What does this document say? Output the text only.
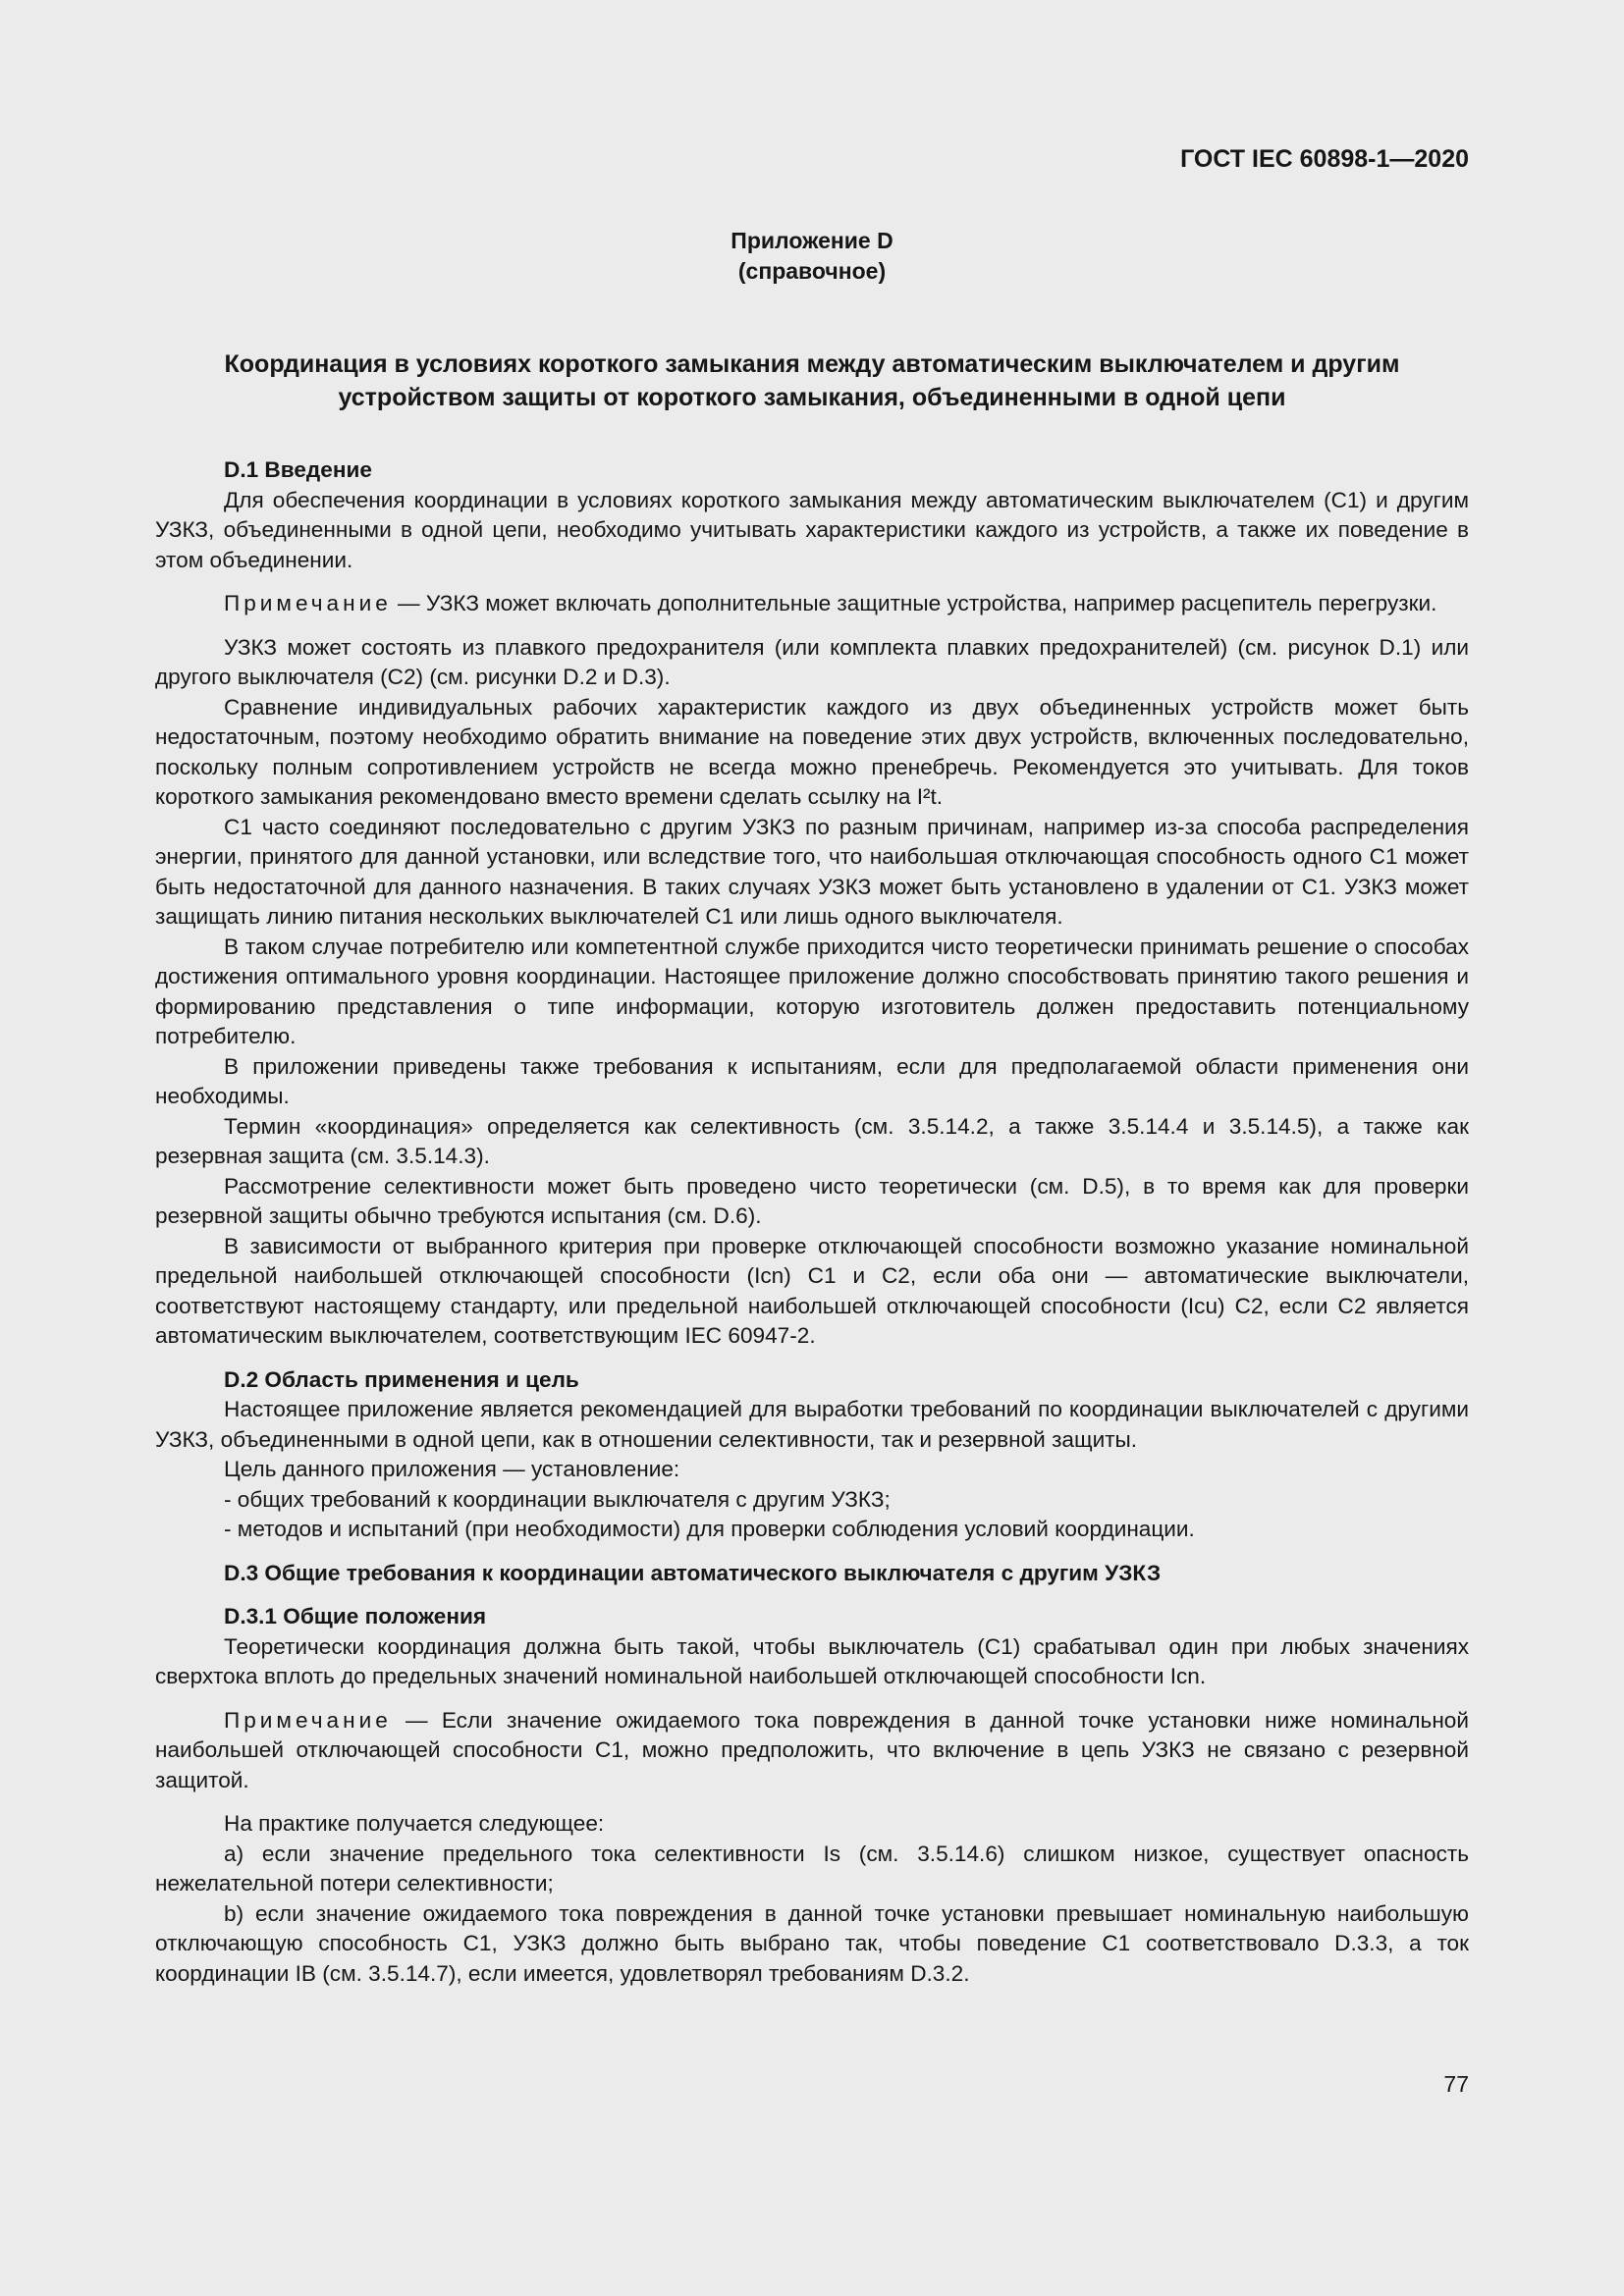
ГОСТ IEC 60898-1—2020
Приложение D
(справочное)
Координация в условиях короткого замыкания между автоматическим выключателем и другим
устройством защиты от короткого замыкания, объединенными в одной цепи

D.1 Введение

Для обеспечения координации в условиях короткого замыкания между автоматическим выключателем (C1) и другим УЗКЗ, объединенными в одной цепи, необходимо учитывать характеристики каждого из устройств, а также их поведение в этом объединении.

Примечание — УЗКЗ может включать дополнительные защитные устройства, например расцепитель перегрузки.

УЗКЗ может состоять из плавкого предохранителя (или комплекта плавких предохранителей) (см. рисунок D.1) или другого выключателя (C2) (см. рисунки D.2 и D.3).

Сравнение индивидуальных рабочих характеристик каждого из двух объединенных устройств может быть недостаточным, поэтому необходимо обратить внимание на поведение этих двух устройств, включенных последовательно, поскольку полным сопротивлением устройств не всегда можно пренебречь. Рекомендуется это учитывать. Для токов короткого замыкания рекомендовано вместо времени сделать ссылку на I²t.

C1 часто соединяют последовательно с другим УЗКЗ по разным причинам, например из-за способа распределения энергии, принятого для данной установки, или вследствие того, что наибольшая отключающая способность одного C1 может быть недостаточной для данного назначения. В таких случаях УЗКЗ может быть установлено в удалении от C1. УЗКЗ может защищать линию питания нескольких выключателей C1 или лишь одного выключателя.

В таком случае потребителю или компетентной службе приходится чисто теоретически принимать решение о способах достижения оптимального уровня координации. Настоящее приложение должно способствовать принятию такого решения и формированию представления о типе информации, которую изготовитель должен предоставить потенциальному потребителю.

В приложении приведены также требования к испытаниям, если для предполагаемой области применения они необходимы.

Термин «координация» определяется как селективность (см. 3.5.14.2, а также 3.5.14.4 и 3.5.14.5), а также как резервная защита (см. 3.5.14.3).

Рассмотрение селективности может быть проведено чисто теоретически (см. D.5), в то время как для проверки резервной защиты обычно требуются испытания (см. D.6).

В зависимости от выбранного критерия при проверке отключающей способности возможно указание номинальной предельной наибольшей отключающей способности (Icn) C1 и C2, если оба они — автоматические выключатели, соответствуют настоящему стандарту, или предельной наибольшей отключающей способности (Icu) C2, если C2 является автоматическим выключателем, соответствующим IEC 60947-2.

D.2 Область применения и цель

Настоящее приложение является рекомендацией для выработки требований по координации выключателей с другими УЗКЗ, объединенными в одной цепи, как в отношении селективности, так и резервной защиты.

Цель данного приложения — установление:

- общих требований к координации выключателя с другим УЗКЗ;

- методов и испытаний (при необходимости) для проверки соблюдения условий координации.

D.3 Общие требования к координации автоматического выключателя с другим УЗКЗ

D.3.1 Общие положения

Теоретически координация должна быть такой, чтобы выключатель (C1) срабатывал один при любых значениях сверхтока вплоть до предельных значений номинальной наибольшей отключающей способности Icn.

Примечание — Если значение ожидаемого тока повреждения в данной точке установки ниже номинальной наибольшей отключающей способности C1, можно предположить, что включение в цепь УЗКЗ не связано с резервной защитой.

На практике получается следующее:

a) если значение предельного тока селективности Is (см. 3.5.14.6) слишком низкое, существует опасность нежелательной потери селективности;

b) если значение ожидаемого тока повреждения в данной точке установки превышает номинальную наибольшую отключающую способность C1, УЗКЗ должно быть выбрано так, чтобы поведение C1 соответствовало D.3.3, а ток координации IB (см. 3.5.14.7), если имеется, удовлетворял требованиям D.3.2.

77
